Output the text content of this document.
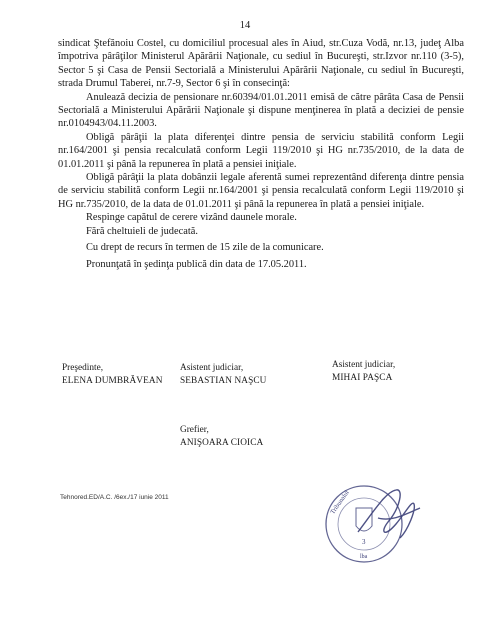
14

sindicat Ştefănoiu Costel, cu domiciliul procesual ales în Aiud, str.Cuza Vodă, nr.13, judeţ Alba împotriva pârâţilor Ministerul Apărării Naţionale, cu sediul în Bucureşti, str.Izvor nr.110 (3-5), Sector 5 şi Casa de Pensii Sectorială a Ministerului Apărării Naţionale, cu sediul în Bucureşti, strada Drumul Taberei, nr.7-9, Sector 6 şi în consecinţă:

Anulează decizia de pensionare nr.60394/01.01.2011 emisă de către pârâta Casa de Pensii Sectorială a Ministerului Apărării Naţionale şi dispune menţinerea în plată a deciziei de pensie nr.0104943/04.11.2003.

Obligă pârâţii la plata diferenţei dintre pensia de serviciu stabilită conform Legii nr.164/2001 şi pensia recalculată conform Legii 119/2010 şi HG nr.735/2010, de la data de 01.01.2011 şi până la repunerea în plată a pensiei iniţiale.

Obligă pârâţii la plata dobânzii legale aferentă sumei reprezentând diferenţa dintre pensia de serviciu stabilită conform Legii nr.164/2001 şi pensia recalculată conform Legii 119/2010 şi HG nr.735/2010, de la data de 01.01.2011 şi până la repunerea în plată a pensiei iniţiale.

Respinge capătul de cerere vizând daunele morale.

Fără cheltuieli de judecată.

Cu drept de recurs în termen de 15 zile de la comunicare.

Pronunţată în şedinţa publică din data de 17.05.2011.

Preşedinte,
ELENA DUMBRĂVEAN
Asistent judiciar,
SEBASTIAN NAŞCU
Asistent judiciar,
MIHAI PAŞCA
Grefier,
ANIŞOARA CIOICA
Tehnored.ED/A.C. /6ex./17 iunie 2011	Tribunalul
3
lba
